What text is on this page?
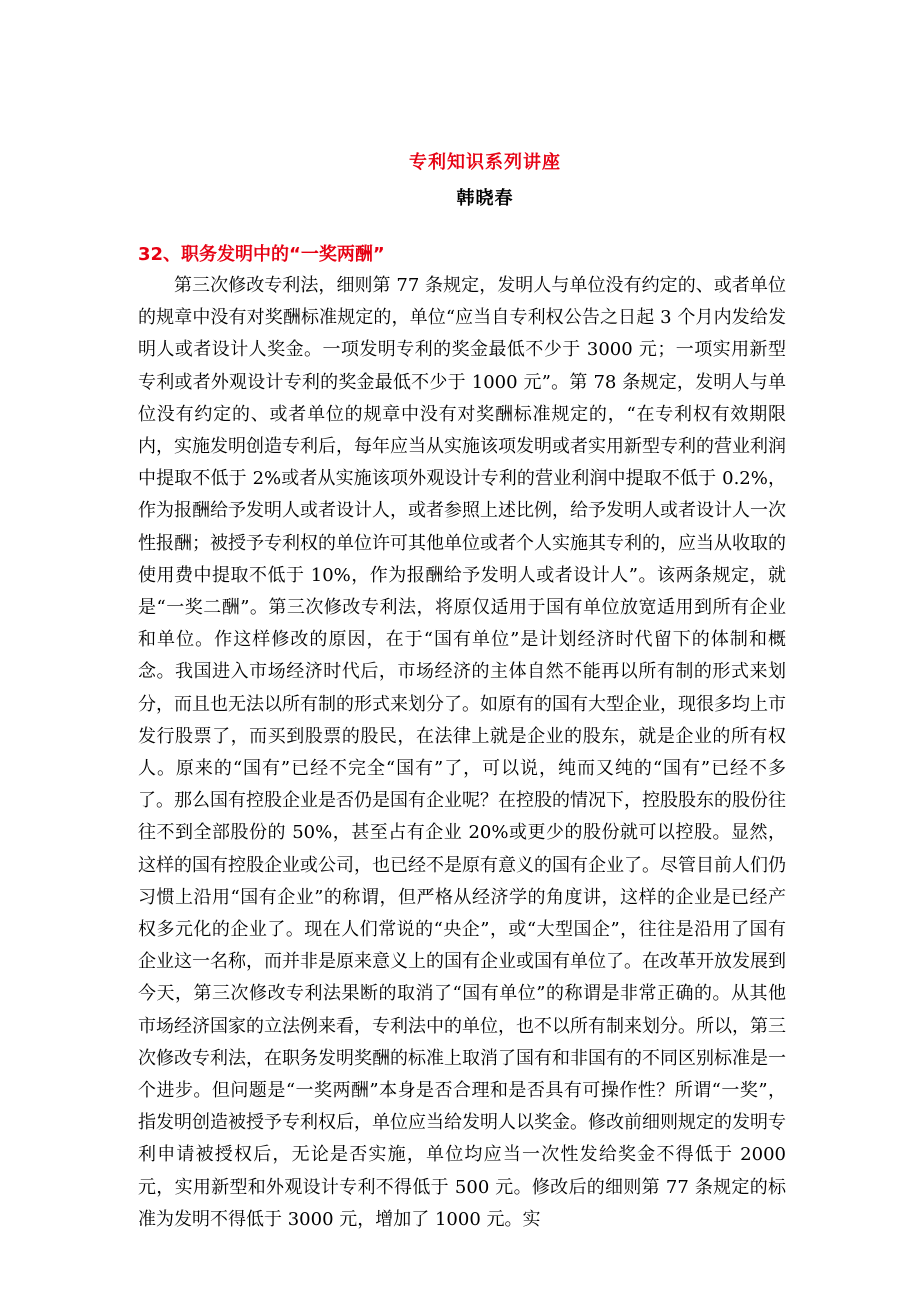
专利知识系列讲座
韩晓春
32、职务发明中的“一奖两酬”

第三次修改专利法，细则第 77 条规定，发明人与单位没有约定的、或者单位的规章中没有对奖酬标准规定的，单位“应当自专利权公告之日起 3 个月内发给发明人或者设计人奖金。一项发明专利的奖金最低不少于 3000 元；一项实用新型专利或者外观设计专利的奖金最低不少于 1000 元”。第 78 条规定，发明人与单位没有约定的、或者单位的规章中没有对奖酬标准规定的，“在专利权有效期限内，实施发明创造专利后，每年应当从实施该项发明或者实用新型专利的营业利润中提取不低于 2%或者从实施该项外观设计专利的营业利润中提取不低于 0.2%，作为报酬给予发明人或者设计人，或者参照上述比例，给予发明人或者设计人一次性报酬；被授予专利权的单位许可其他单位或者个人实施其专利的，应当从收取的使用费中提取不低于 10%，作为报酬给予发明人或者设计人”。该两条规定，就是“一奖二酬”。第三次修改专利法，将原仅适用于国有单位放宽适用到所有企业和单位。作这样修改的原因，在于“国有单位”是计划经济时代留下的体制和概念。我国进入市场经济时代后，市场经济的主体自然不能再以所有制的形式来划分，而且也无法以所有制的形式来划分了。如原有的国有大型企业，现很多均上市发行股票了，而买到股票的股民，在法律上就是企业的股东，就是企业的所有权人。原来的“国有”已经不完全“国有”了，可以说，纯而又纯的“国有”已经不多了。那么国有控股企业是否仍是国有企业呢？在控股的情况下，控股股东的股份往往不到全部股份的 50%，甚至占有企业 20%或更少的股份就可以控股。显然，这样的国有控股企业或公司，也已经不是原有意义的国有企业了。尽管目前人们仍习惯上沿用“国有企业”的称谓，但严格从经济学的角度讲，这样的企业是已经产权多元化的企业了。现在人们常说的“央企”，或“大型国企”，往往是沿用了国有企业这一名称，而并非是原来意义上的国有企业或国有单位了。在改革开放发展到今天，第三次修改专利法果断的取消了“国有单位”的称谓是非常正确的。从其他市场经济国家的立法例来看，专利法中的单位，也不以所有制来划分。所以，第三次修改专利法，在职务发明奖酬的标准上取消了国有和非国有的不同区别标准是一个进步。但问题是“一奖两酬”本身是否合理和是否具有可操作性？所谓“一奖”，指发明创造被授予专利权后，单位应当给发明人以奖金。修改前细则规定的发明专利申请被授权后，无论是否实施，单位均应当一次性发给奖金不得低于 2000 元，实用新型和外观设计专利不得低于 500 元。修改后的细则第 77 条规定的标准为发明不得低于 3000 元，增加了 1000 元。实
